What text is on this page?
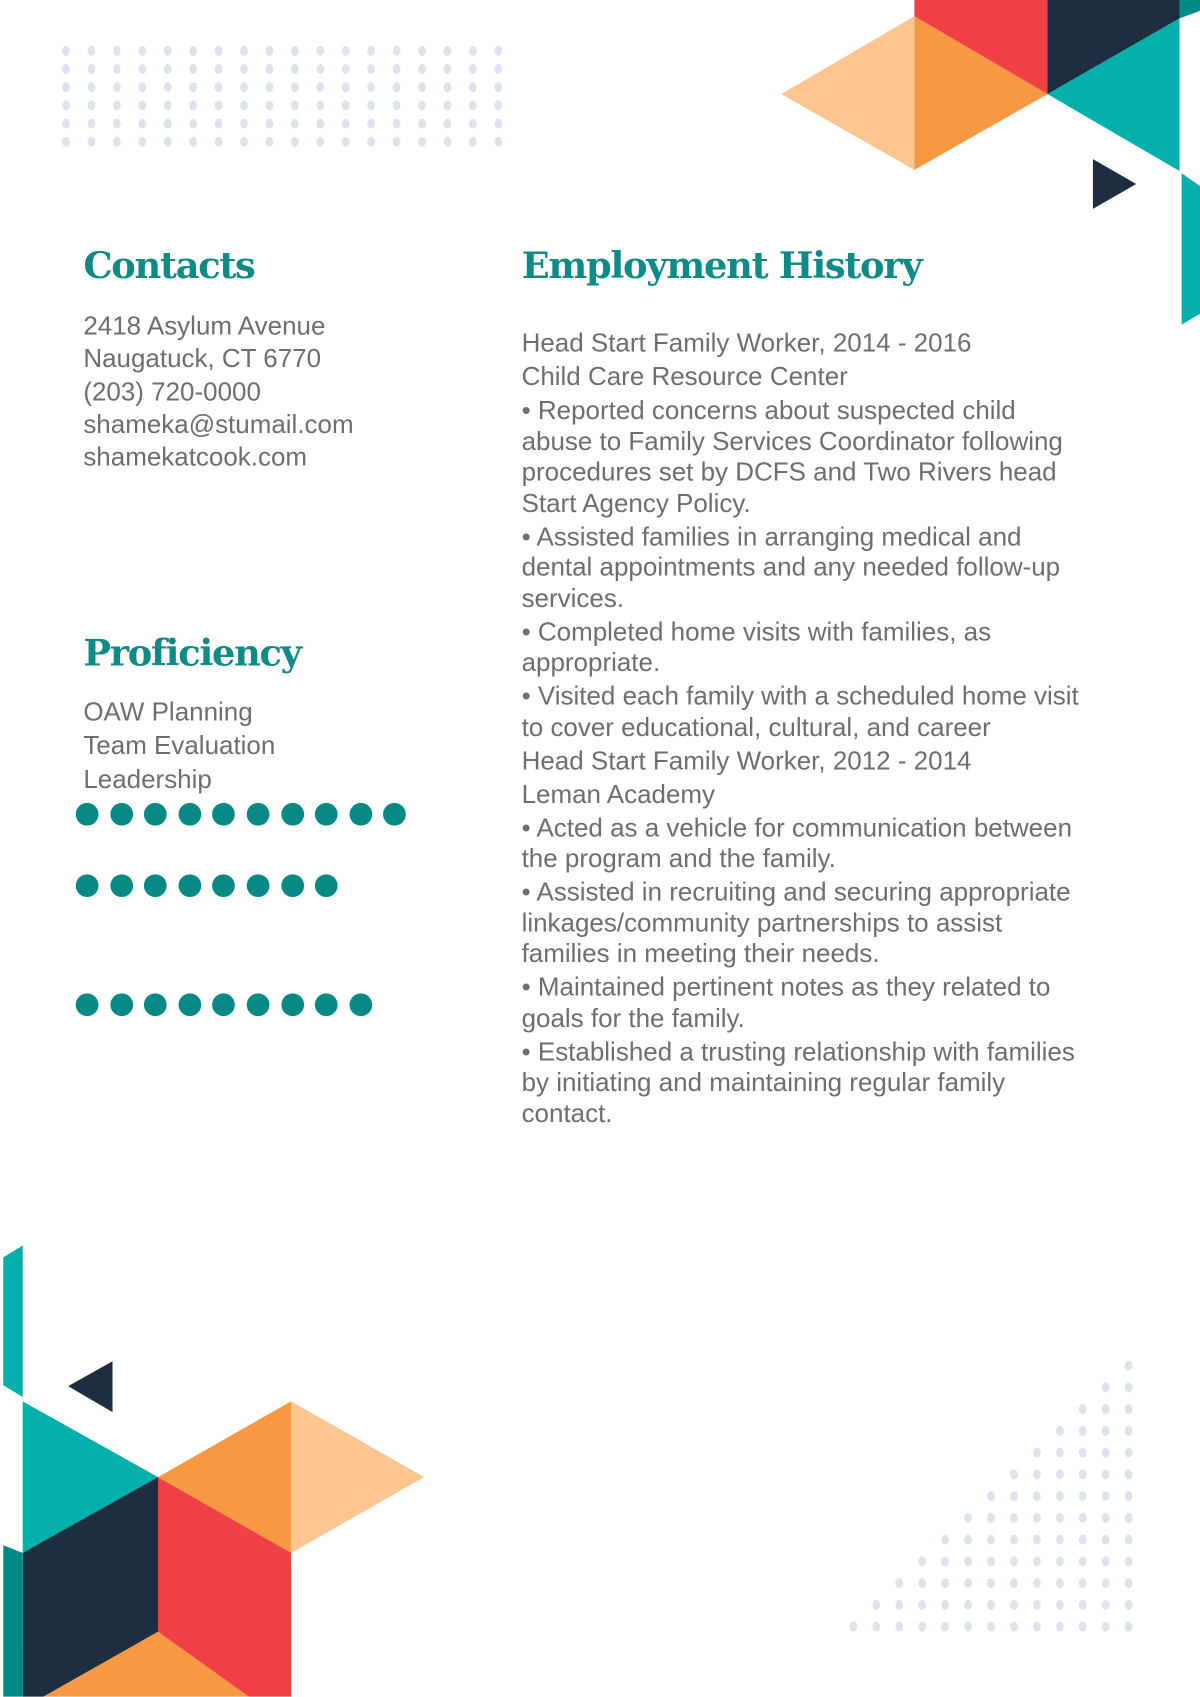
Contacts
2418 Asylum Avenue
Naugatuck, CT 6770
(203) 720-0000
shameka@stumail.com
shamekatcook.com
Proficiency
OAW Planning
Team Evaluation
Leadership
Employment History
Head Start Family Worker, 2014 - 2016
Child Care Resource Center
• Reported concerns about suspected child
abuse to Family Services Coordinator following
procedures set by DCFS and Two Rivers head
Start Agency Policy.
• Assisted families in arranging medical and
dental appointments and any needed follow-up
services.
• Completed home visits with families, as
appropriate.
• Visited each family with a scheduled home visit
to cover educational, cultural, and career
Head Start Family Worker, 2012 - 2014
Leman Academy
• Acted as a vehicle for communication between
the program and the family.
• Assisted in recruiting and securing appropriate
linkages/community partnerships to assist
families in meeting their needs.
• Maintained pertinent notes as they related to
goals for the family.
• Established a trusting relationship with families
by initiating and maintaining regular family
contact.
